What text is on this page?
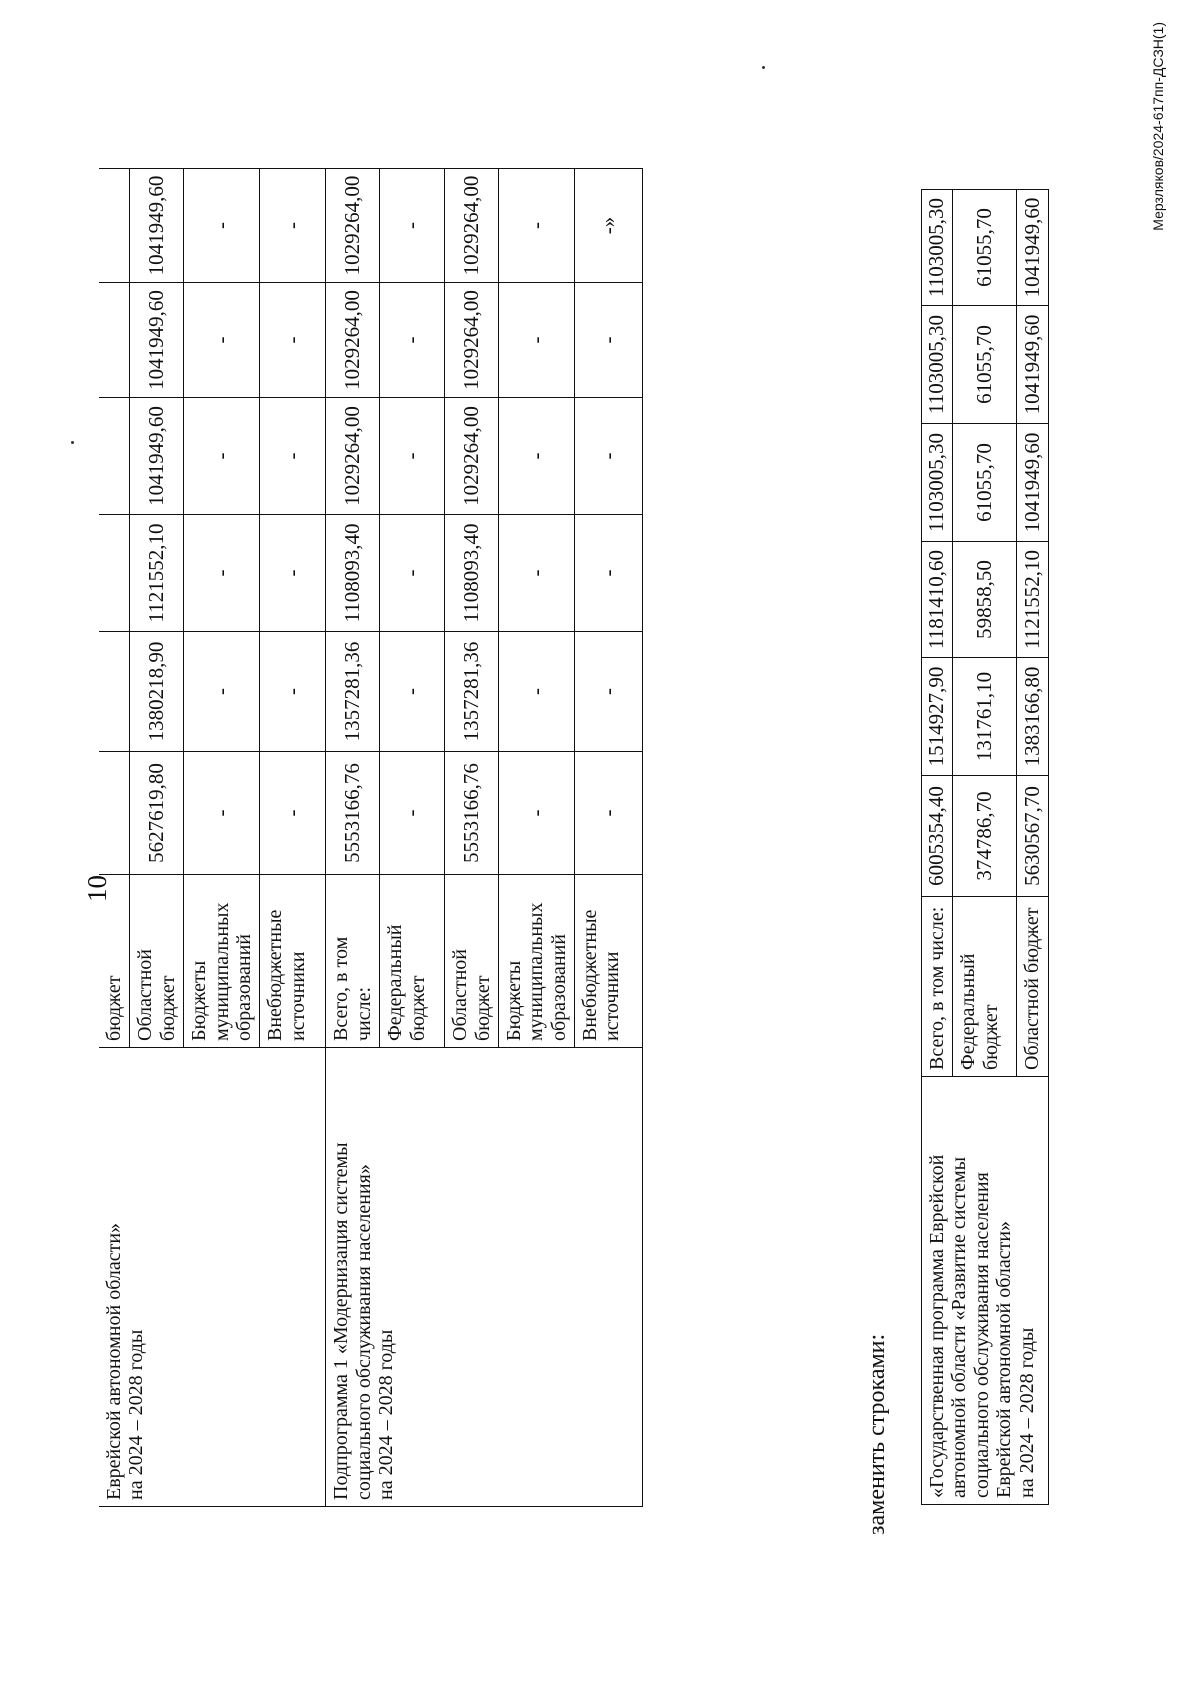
10
Еврейской автономной области»
на 2024 – 2028 годы	бюджет						
	Областной бюджет	5627619,80	1380218,90	1121552,10	1041949,60	1041949,60	1041949,60
	Бюджеты муниципальных образований	-	-	-	-	-	-
	Внебюджетные источники	-	-	-	-	-	-
Подпрограмма 1 «Модернизация системы социального обслуживания населения»
на 2024 – 2028 годы	Всего, в том числе:	5553166,76	1357281,36	1108093,40	1029264,00	1029264,00	1029264,00
	Федеральный бюджет	-	-	-	-	-	-
	Областной бюджет	5553166,76	1357281,36	1108093,40	1029264,00	1029264,00	1029264,00
	Бюджеты муниципальных образований	-	-	-	-	-	-
	Внебюджетные источники	-	-	-	-	-	-»
заменить строками: «Государственная программа Еврейской автономной области «Развитие системы социального обслуживания населения Еврейской автономной области»
на 2024 – 2028 годы	Всего, в том числе:	6005354,40	1514927,90	1181410,60	1103005,30	1103005,30	1103005,30
	Федеральный бюджет	374786,70	131761,10	59858,50	61055,70	61055,70	61055,70
	Областной бюджет	5630567,70	1383166,80	1121552,10	1041949,60	1041949,60	1041949,60
Мерзляков/2024-617пп-ДСЗН(1)
